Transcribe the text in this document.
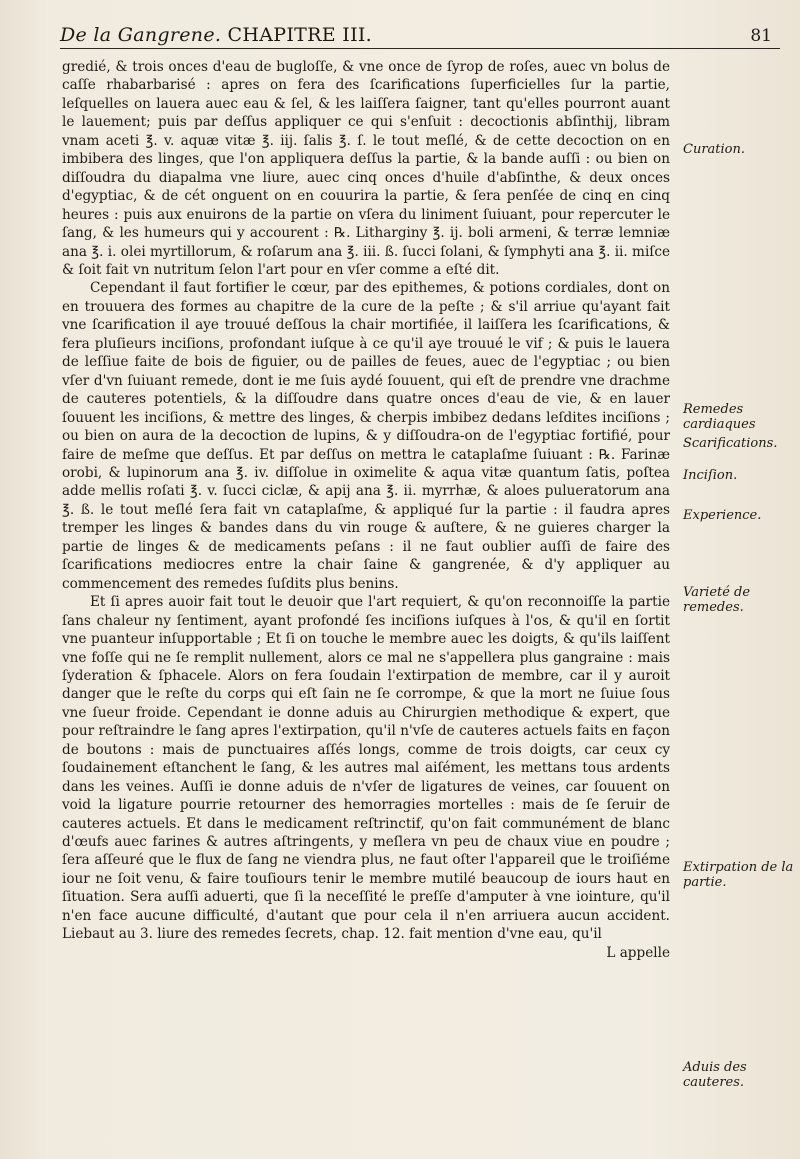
De la Gangrene. CHAPITRE III.	81

gredié, & trois onces d'eau de bugloſſe, & vne once de ſyrop de roſes, auec vn bolus de caſſe rhabarbarisé : apres on fera des ſcarifications ſuperficielles ſur la partie, leſquelles on lauera auec eau & ſel, & les laiſſera ſaigner, tant qu'elles pourront auant le lauement; puis par deſſus appliquer ce qui s'enſuit : decoctionis abſinthij, libram vnam aceti ℥. v. aquæ vitæ ℥. iij. ſalis ℥. ſ. le tout meſlé, & de cette decoction on en imbibera des linges, que l'on appliquera deſſus la partie, & la bande auſſi : ou bien on diſſoudra du diapalma vne liure, auec cinq onces d'huile d'abſinthe, & deux onces d'egyptiac, & de cét onguent on en couurira la partie, & ſera penſée de cinq en cinq heures : puis aux enuirons de la partie on vſera du liniment ſuiuant, pour repercuter le ſang, & les humeurs qui y accourent : ℞. Litharginy ℥. ij. boli armeni, & terræ lemniæ ana ℥. i. olei myrtillorum, & roſarum ana ℥. iii. ß. ſucci ſolani, & ſymphyti ana ℥. ii. miſce & ſoit fait vn nutritum ſelon l'art pour en vſer comme a eſté dit.

Cependant il faut fortifier le cœur, par des epithemes, & potions cordiales, dont on en trouuera des formes au chapitre de la cure de la peſte ; & s'il arriue qu'ayant fait vne ſcarification il aye trouué deſſous la chair mortifiée, il laiſſera les ſcarifications, & fera pluſieurs inciſions, profondant iuſque à ce qu'il aye trouué le vif ; & puis le lauera de leſſiue faite de bois de figuier, ou de pailles de feues, auec de l'egyptiac ; ou bien vſer d'vn ſuiuant remede, dont ie me ſuis aydé ſouuent, qui eſt de prendre vne drachme de cauteres potentiels, & la diſſoudre dans quatre onces d'eau de vie, & en lauer ſouuent les inciſions, & mettre des linges, & cherpis imbibez dedans leſdites inciſions ; ou bien on aura de la decoction de lupins, & y diſſoudra-on de l'egyptiac fortifié, pour faire de meſme que deſſus. Et par deſſus on mettra le cataplaſme ſuiuant : ℞. Farinæ orobi, & lupinorum ana ℥. iv. diſſolue in oximelite & aqua vitæ quantum ſatis, poſtea adde mellis roſati ℥. v. ſucci ciclæ, & apij ana ℥. ii. myrrhæ, & aloes pulueratorum ana ℥. ß. le tout meſlé ſera fait vn cataplaſme, & appliqué ſur la partie : il faudra apres tremper les linges & bandes dans du vin rouge & auſtere, & ne guieres charger la partie de linges & de medicaments peſans : il ne faut oublier auſſi de faire des ſcarifications mediocres entre la chair ſaine & gangrenée, & d'y appliquer au commencement des remedes ſuſdits plus benins.

Et ſi apres auoir fait tout le deuoir que l'art requiert, & qu'on reconnoiſſe la partie ſans chaleur ny ſentiment, ayant profondé ſes inciſions iuſques à l'os, & qu'il en ſortit vne puanteur inſupportable ; Et ſi on touche le membre auec les doigts, & qu'ils laiſſent vne foſſe qui ne ſe remplit nullement, alors ce mal ne s'appellera plus gangraine : mais ſyderation & ſphacele. Alors on fera ſoudain l'extirpation de membre, car il y auroit danger que le reſte du corps qui eſt ſain ne ſe corrompe, & que la mort ne ſuiue ſous vne ſueur froide. Cependant ie donne aduis au Chirurgien methodique & expert, que pour reſtraindre le ſang apres l'extirpation, qu'il n'vſe de cauteres actuels faits en façon de boutons : mais de punctuaires aſſés longs, comme de trois doigts, car ceux cy ſoudainement eſtanchent le ſang, & les autres mal aiſément, les mettans tous ardents dans les veines. Auſſi ie donne aduis de n'vſer de ligatures de veines, car ſouuent on void la ligature pourrie retourner des hemorragies mortelles : mais de ſe ſeruir de cauteres actuels. Et dans le medicament reſtrinctif, qu'on fait communément de blanc d'œufs auec farines & autres aſtringents, y meſlera vn peu de chaux viue en poudre ; ſera aſſeuré que le flux de ſang ne viendra plus, ne faut oſter l'appareil que le troiſiéme iour ne ſoit venu, & faire touſiours tenir le membre mutilé beaucoup de iours haut en ſituation. Sera auſſi aduerti, que ſi la neceſſité le preſſe d'amputer à vne iointure, qu'il n'en face aucune difficulté, d'autant que pour cela il n'en arriuera aucun accident. Liebaut au 3. liure des remedes ſecrets, chap. 12. fait mention d'vne eau, qu'il

L appelle

Curation.
Remedes cardiaques
Scarifications.
Inciſion.
Experience.
Varieté de remedes.
Extirpation de la partie.
Aduis des cauteres.
